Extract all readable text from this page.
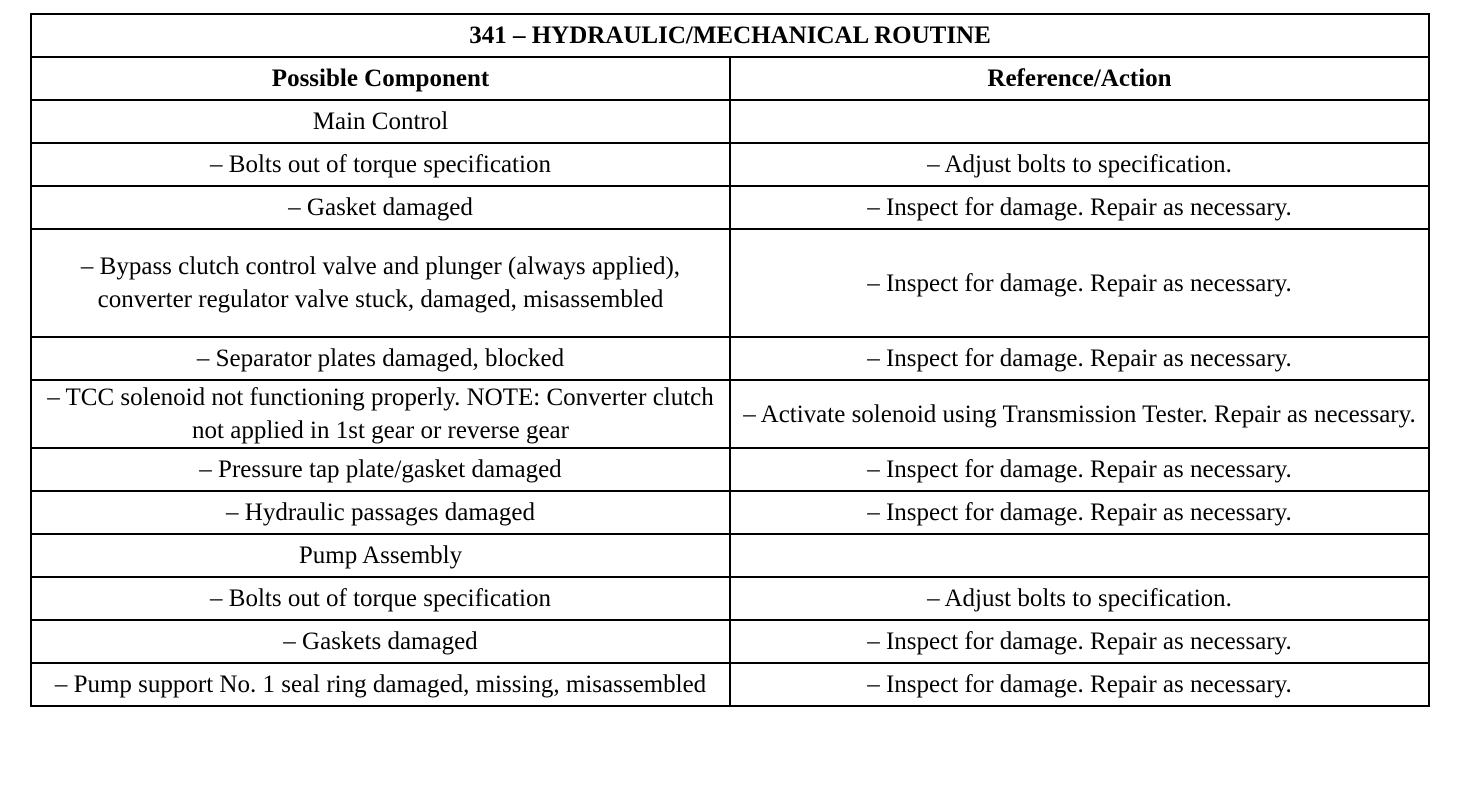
341 – HYDRAULIC/MECHANICAL ROUTINE	
Possible Component	Reference/Action
Main Control	
– Bolts out of torque specification	– Adjust bolts to specification.
– Gasket damaged	– Inspect for damage. Repair as necessary.
– Bypass clutch control valve and plunger (always applied), converter regulator valve stuck, damaged, misassembled	– Inspect for damage. Repair as necessary.
– Separator plates damaged, blocked	– Inspect for damage. Repair as necessary.
– TCC solenoid not functioning properly. NOTE: Converter clutch not applied in 1st gear or reverse gear	– Activate solenoid using Transmission Tester. Repair as necessary.
– Pressure tap plate/gasket damaged	– Inspect for damage. Repair as necessary.
– Hydraulic passages damaged	– Inspect for damage. Repair as necessary.
Pump Assembly	
– Bolts out of torque specification	– Adjust bolts to specification.
– Gaskets damaged	– Inspect for damage. Repair as necessary.
– Pump support No. 1 seal ring damaged, missing, misassembled	– Inspect for damage. Repair as necessary.
